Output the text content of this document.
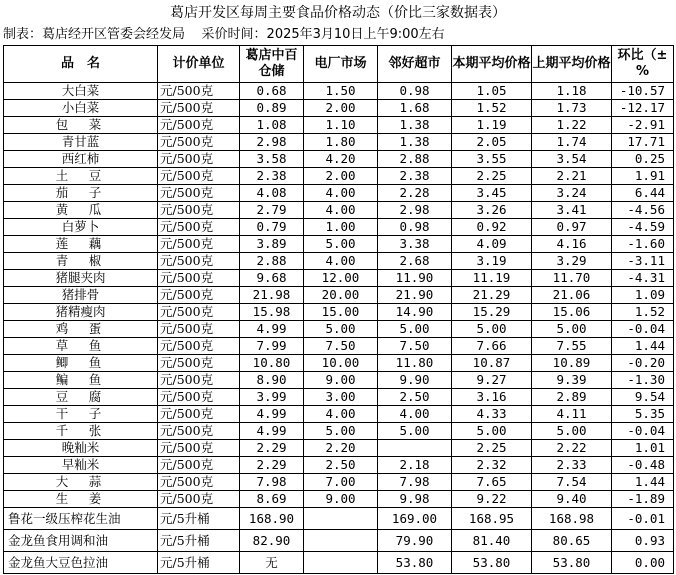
葛店开发区每周主要食品价格动态（价比三家数据表）
制表：葛店经开区管委会经发局 采价时间：2025年3月10日上午9:00左右
品　名	计价单位	葛店中百仓储	电厂市场	邻好超市	本期平均价格	上期平均价格	环比（±%
大白菜	元/500克	0.68	1.50	0.98	1.05	1.18	-10.57
小白菜	元/500克	0.89	2.00	1.68	1.52	1.73	-12.17
包　菜	元/500克	1.08	1.10	1.38	1.19	1.22	-2.91
青甘蓝	元/500克	2.98	1.80	1.38	2.05	1.74	17.71
西红柿	元/500克	3.58	4.20	2.88	3.55	3.54	0.25
土　豆	元/500克	2.38	2.00	2.38	2.25	2.21	1.91
茄　子	元/500克	4.08	4.00	2.28	3.45	3.24	6.44
黄　瓜	元/500克	2.79	4.00	2.98	3.26	3.41	-4.56
白萝卜	元/500克	0.79	1.00	0.98	0.92	0.97	-4.59
莲　藕	元/500克	3.89	5.00	3.38	4.09	4.16	-1.60
青　椒	元/500克	2.88	4.00	2.68	3.19	3.29	-3.11
猪腿夹肉	元/500克	9.68	12.00	11.90	11.19	11.70	-4.31
猪排骨	元/500克	21.98	20.00	21.90	21.29	21.06	1.09
猪精瘦肉	元/500克	15.98	15.00	14.90	15.29	15.06	1.52
鸡　蛋	元/500克	4.99	5.00	5.00	5.00	5.00	-0.04
草　鱼	元/500克	7.99	7.50	7.50	7.66	7.55	1.44
鲫　鱼	元/500克	10.80	10.00	11.80	10.87	10.89	-0.20
鳊　鱼	元/500克	8.90	9.00	9.90	9.27	9.39	-1.30
豆　腐	元/500克	3.99	3.00	2.50	3.16	2.89	9.54
干　子	元/500克	4.99	4.00	4.00	4.33	4.11	5.35
千　张	元/500克	4.99	5.00	5.00	5.00	5.00	-0.04
晚籼米	元/500克	2.29	2.20		2.25	2.22	1.01
早籼米	元/500克	2.29	2.50	2.18	2.32	2.33	-0.48
大　蒜	元/500克	7.98	7.00	7.98	7.65	7.54	1.44
生　姜	元/500克	8.69	9.00	9.98	9.22	9.40	-1.89
鲁花一级压榨花生油	元/5升桶	168.90		169.00	168.95	168.98	-0.01
金龙鱼食用调和油	元/5升桶	82.90		79.90	81.40	80.65	0.93
金龙鱼大豆色拉油	元/5升桶	无		53.80	53.80	53.80	0.00
